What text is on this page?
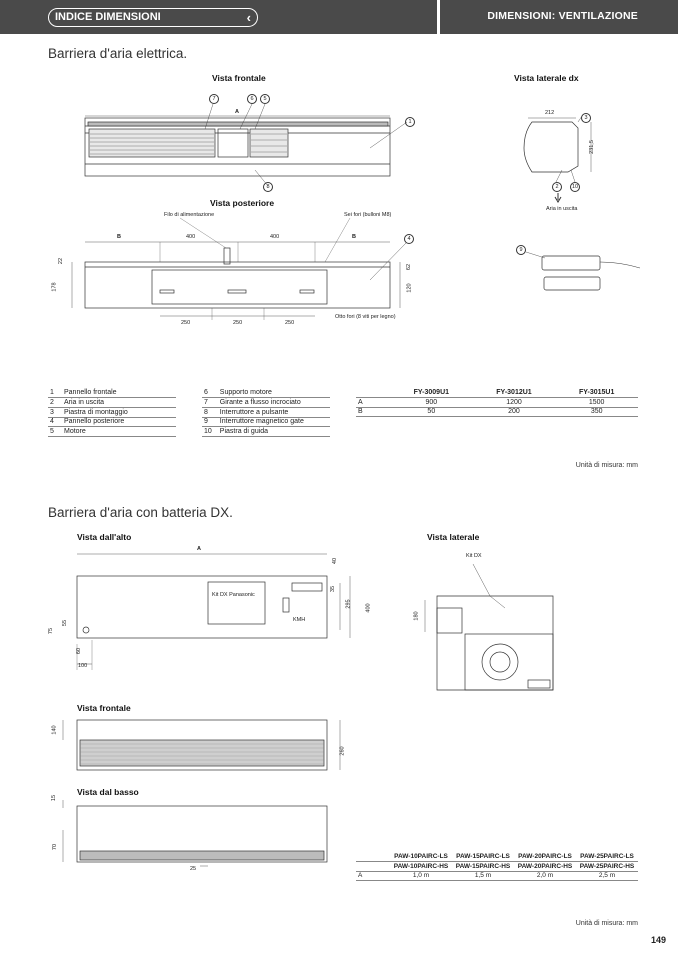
INDICE DIMENSIONI	‹	DIMENSIONI: VENTILAZIONE
Barriera d'aria elettrica.
Vista frontale	Vista laterale dx
Vista posteriore
7	6	5
1
8
3
2	10
4
9
A	212
231,5
Aria in uscita
Filo di alimentazione	Sei fori (bulloni M8)
B	400	400	B
22
178
62
120
250	250	250
Otto fori (8 viti per legno)
1	Pannello frontale
2	Aria in uscita
3	Piastra di montaggio
4	Pannello posteriore
5	Motore
6	Supporto motore
7	Girante a flusso incrociato
8	Interruttore a pulsante
9	Interruttore magnetico gate
10	Piastra di guida
	FY-3009U1	FY-3012U1	FY-3015U1
A	900	1200	1500
B	50	200	350
Unità di misura: mm
Barriera d'aria con batteria DX.
Vista dall'alto	Vista laterale
Vista frontale
Vista dal basso
A
Kit DX Panasonic
KMH
Kit DX
40
35
295	400
75
55
60
100
180
140
260
15
70
25
	PAW-10PAIRC-LS	PAW-15PAIRC-LS	PAW-20PAIRC-LS	PAW-25PAIRC-LS
	PAW-10PAIRC-HS	PAW-15PAIRC-HS	PAW-20PAIRC-HS	PAW-25PAIRC-HS
A	1,0 m	1,5 m	2,0 m	2,5 m
Unità di misura: mm
149
